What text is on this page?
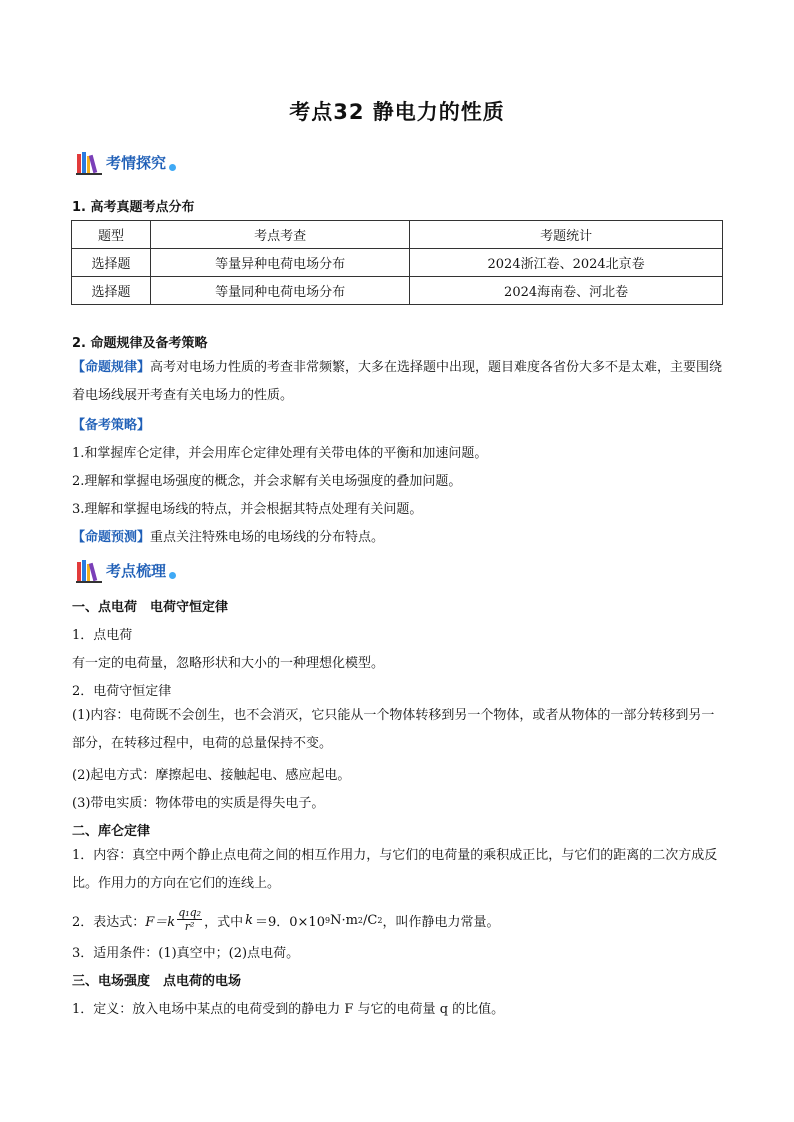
考点32 静电力的性质
考情探究
1. 高考真题考点分布
题型	考点考查	考题统计
选择题	等量异种电荷电场分布	2024浙江卷、2024北京卷
选择题	等量同种电荷电场分布	2024海南卷、河北卷
2. 命题规律及备考策略
【命题规律】高考对电场力性质的考查非常频繁，大多在选择题中出现，题目难度各省份大多不是太难，主要围绕着电场线展开考查有关电场力的性质。
【备考策略】
1.和掌握库仑定律，并会用库仑定律处理有关带电体的平衡和加速问题。
2.理解和掌握电场强度的概念，并会求解有关电场强度的叠加问题。
3.理解和掌握电场线的特点，并会根据其特点处理有关问题。
【命题预测】重点关注特殊电场的电场线的分布特点。
考点梳理
一、点电荷　电荷守恒定律
1．点电荷
有一定的电荷量，忽略形状和大小的一种理想化模型。
2．电荷守恒定律
(1)内容：电荷既不会创生，也不会消灭，它只能从一个物体转移到另一个物体，或者从物体的一部分转移到另一部分，在转移过程中，电荷的总量保持不变。
(2)起电方式：摩擦起电、接触起电、感应起电。
(3)带电实质：物体带电的实质是得失电子。
二、库仑定律
1．内容：真空中两个静止点电荷之间的相互作用力，与它们的电荷量的乘积成正比，与它们的距离的二次方成反比。作用力的方向在它们的连线上。
2．表达式： $F=k \frac{\text{q₁q₂}}{\text{r²}}$ ，式中 k ＝9．0×10 9 N·m 2 /C 2 ，叫作静电力常量。
3．适用条件：(1)真空中；(2)点电荷。
三、电场强度　点电荷的电场
1．定义：放入电场中某点的电荷受到的静电力 F 与它的电荷量 q 的比值。
